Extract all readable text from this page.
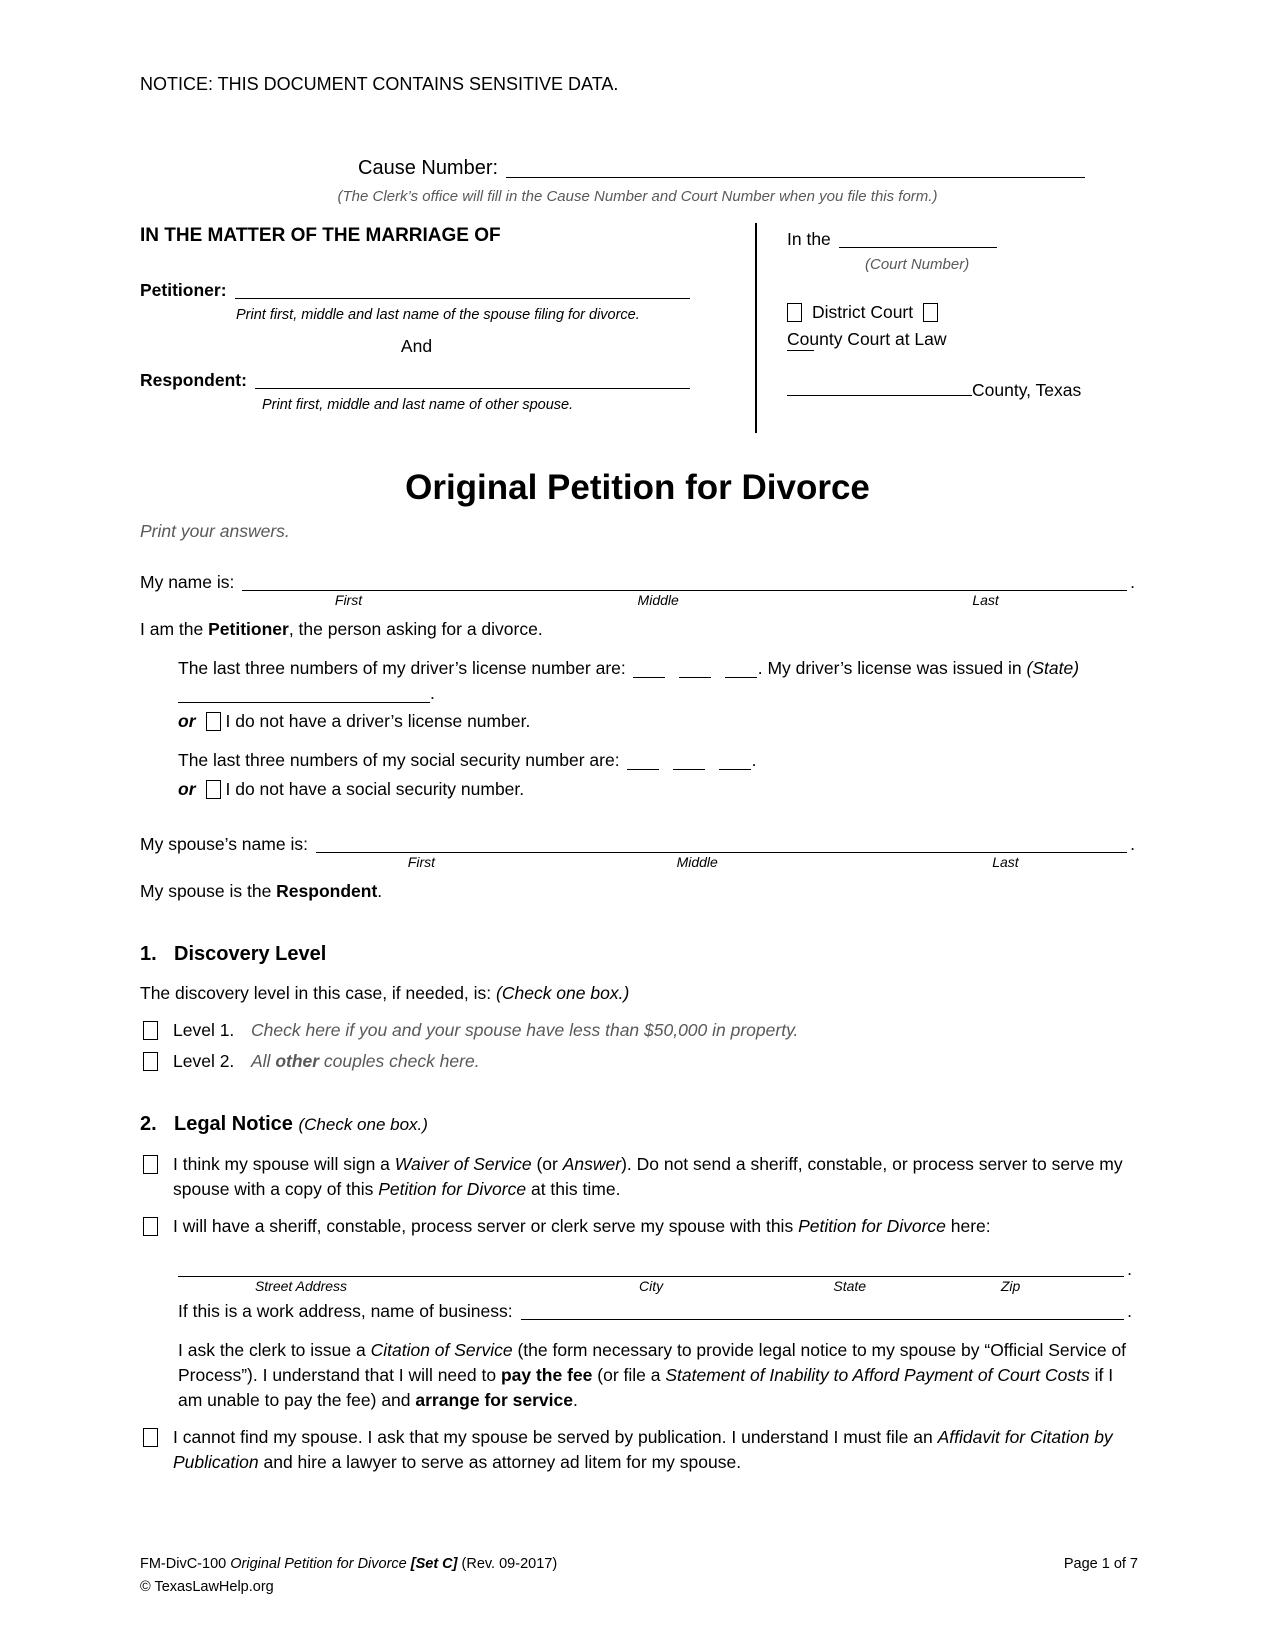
NOTICE: THIS DOCUMENT CONTAINS SENSITIVE DATA.
Cause Number:
(The Clerk’s office will fill in the Cause Number and Court Number when you file this form.)
IN THE MATTER OF THE MARRIAGE OF
Petitioner:
Print first, middle and last name of the spouse filing for divorce.
And
Respondent:
Print first, middle and last name of other spouse.
In the
(Court Number)
District Court
County Court at Law
County, Texas
Original Petition for Divorce
Print your answers.
My name is:
First	Middle	Last
.
I am the Petitioner, the person asking for a divorce.
The last three numbers of my driver’s license number are:	. My driver’s license was issued in (State) .
or I do not have a driver’s license number.
The last three numbers of my social security number are:	.
or I do not have a social security number.
My spouse’s name is:
First	Middle	Last
.
My spouse is the Respondent.
1. Discovery Level
The discovery level in this case, if needed, is: (Check one box.)
Level 1. Check here if you and your spouse have less than $50,000 in property.
Level 2. All other couples check here.
2. Legal Notice (Check one box.)
I think my spouse will sign a Waiver of Service (or Answer). Do not send a sheriff, constable, or process server to serve my spouse with a copy of this Petition for Divorce at this time.
I will have a sheriff, constable, process server or clerk serve my spouse with this Petition for Divorce here:
Street Address	City	State	Zip
.
If this is a work address, name of business:	.
I ask the clerk to issue a Citation of Service (the form necessary to provide legal notice to my spouse by “Official Service of Process”). I understand that I will need to pay the fee (or file a Statement of Inability to Afford Payment of Court Costs if I am unable to pay the fee) and arrange for service.
I cannot find my spouse. I ask that my spouse be served by publication. I understand I must file an Affidavit for Citation by Publication and hire a lawyer to serve as attorney ad litem for my spouse.
FM-DivC-100 Original Petition for Divorce [Set C] (Rev. 09-2017)
© TexasLawHelp.org
Page 1 of 7
